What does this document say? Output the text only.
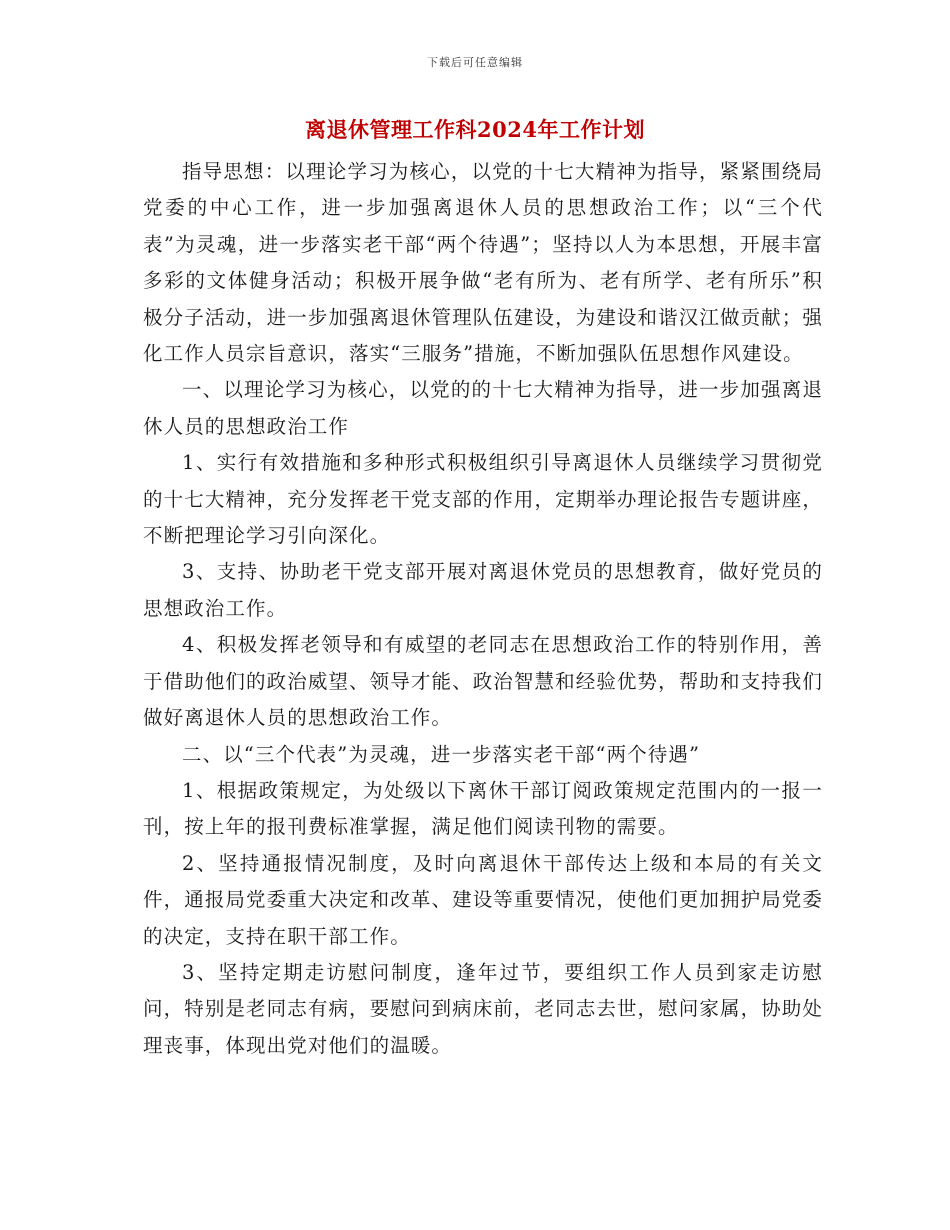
下载后可任意编辑
离退休管理工作科2024年工作计划

指导思想：以理论学习为核心，以党的十七大精神为指导，紧紧围绕局党委的中心工作，进一步加强离退休人员的思想政治工作；以“三个代表”为灵魂，进一步落实老干部“两个待遇”；坚持以人为本思想，开展丰富多彩的文体健身活动；积极开展争做“老有所为、老有所学、老有所乐”积极分子活动，进一步加强离退休管理队伍建设，为建设和谐汉江做贡献；强化工作人员宗旨意识，落实“三服务”措施，不断加强队伍思想作风建设。

一、以理论学习为核心，以党的的十七大精神为指导，进一步加强离退休人员的思想政治工作

1、实行有效措施和多种形式积极组织引导离退休人员继续学习贯彻党的十七大精神，充分发挥老干党支部的作用，定期举办理论报告专题讲座，不断把理论学习引向深化。

3、支持、协助老干党支部开展对离退休党员的思想教育，做好党员的思想政治工作。

4、积极发挥老领导和有威望的老同志在思想政治工作的特别作用，善于借助他们的政治威望、领导才能、政治智慧和经验优势，帮助和支持我们做好离退休人员的思想政治工作。

二、以“三个代表”为灵魂，进一步落实老干部“两个待遇”

1、根据政策规定，为处级以下离休干部订阅政策规定范围内的一报一刊，按上年的报刊费标准掌握，满足他们阅读刊物的需要。

2、坚持通报情况制度，及时向离退休干部传达上级和本局的有关文件，通报局党委重大决定和改革、建设等重要情况，使他们更加拥护局党委的决定，支持在职干部工作。

3、坚持定期走访慰问制度，逢年过节，要组织工作人员到家走访慰问，特别是老同志有病，要慰问到病床前，老同志去世，慰问家属，协助处理丧事，体现出党对他们的温暖。
